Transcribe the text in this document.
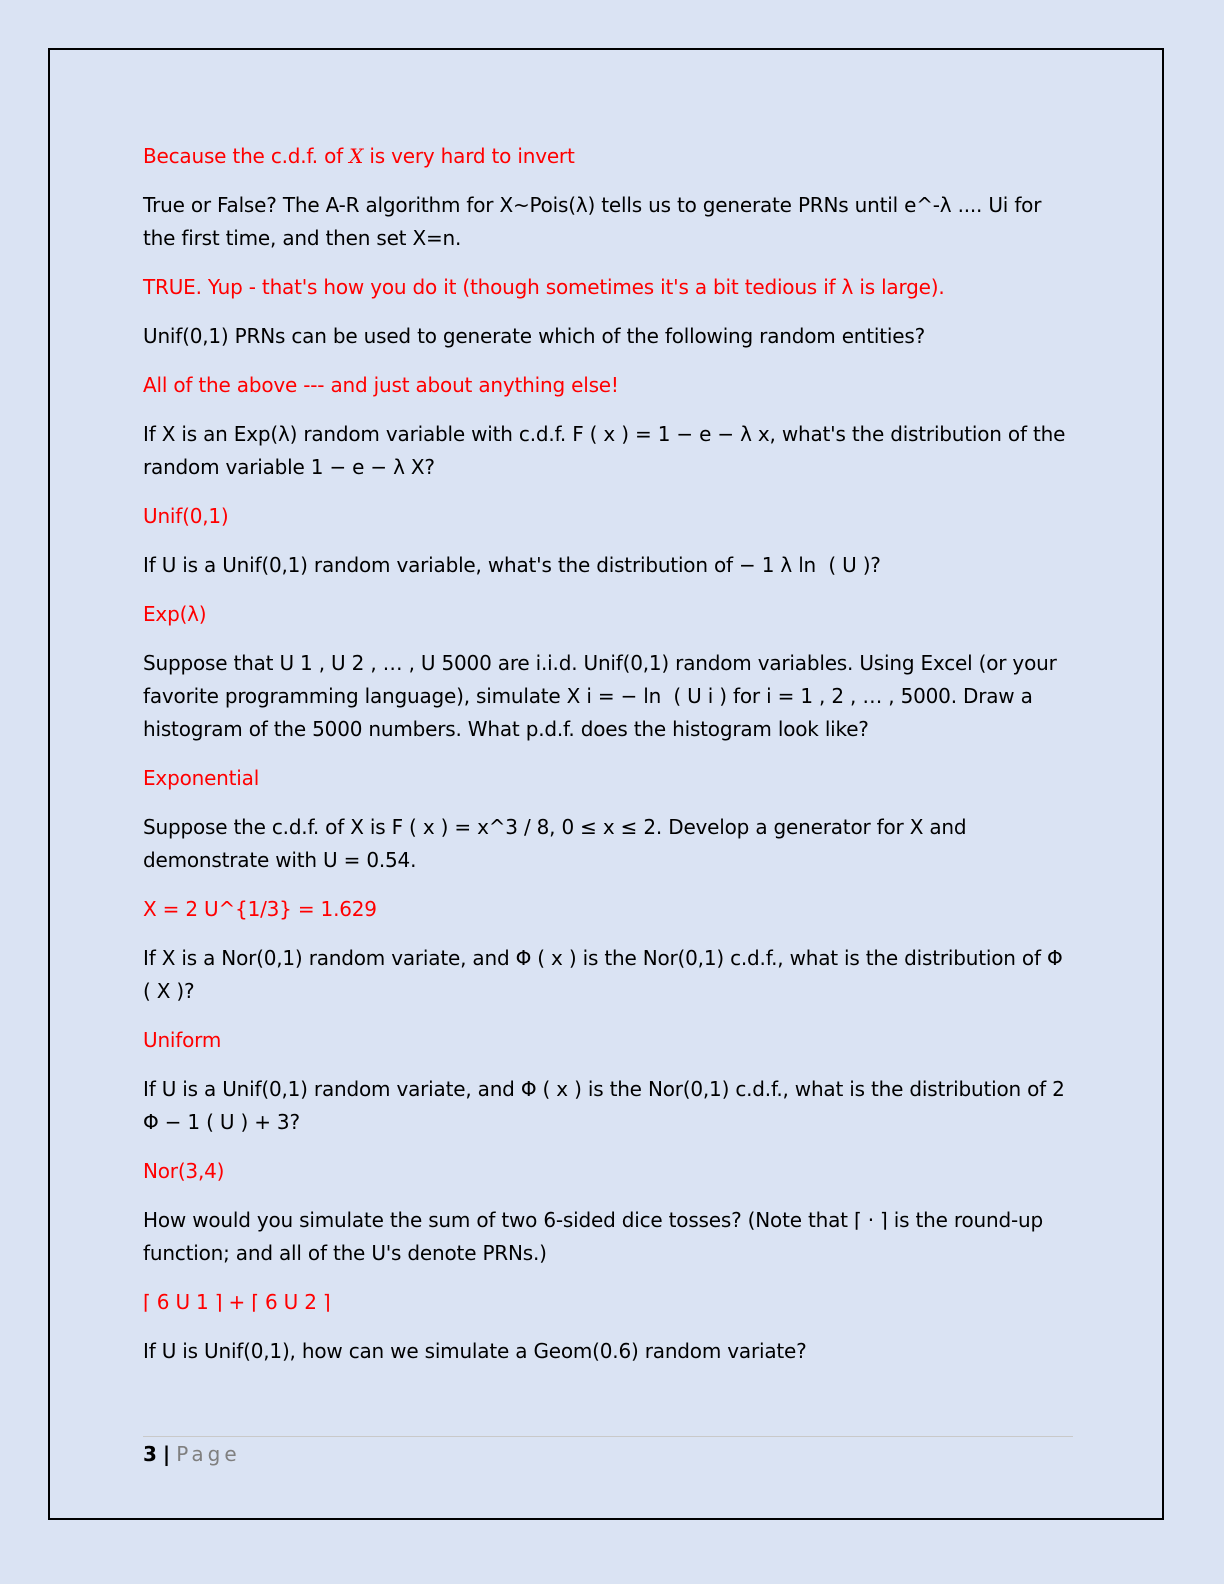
Because the c.d.f. of X is very hard to invert

True or False? The A-R algorithm for X~Pois(λ) tells us to generate PRNs until e^-λ .... Ui for the first time, and then set X=n.

TRUE. Yup - that's how you do it (though sometimes it's a bit tedious if λ is large).

Unif(0,1) PRNs can be used to generate which of the following random entities?

All of the above --- and just about anything else!

If X is an Exp(λ) random variable with c.d.f. F ( x ) = 1 − e − λ x, what's the distribution of the random variable 1 − e − λ X?

Unif(0,1)

If U is a Unif(0,1) random variable, what's the distribution of − 1 λ ln ⁡ ( U )?

Exp(λ)

Suppose that U 1 , U 2 , … , U 5000 are i.i.d. Unif(0,1) random variables. Using Excel (or your favorite programming language), simulate X i = − ln ⁡ ( U i ) for i = 1 , 2 , … , 5000. Draw a histogram of the 5000 numbers. What p.d.f. does the histogram look like?

Exponential

Suppose the c.d.f. of X is F ( x ) = x^3 / 8, 0 ≤ x ≤ 2. Develop a generator for X and demonstrate with U = 0.54.

X = 2 U^{1/3} = 1.629

If X is a Nor(0,1) random variate, and Φ ( x ) is the Nor(0,1) c.d.f., what is the distribution of Φ ( X )?

Uniform

If U is a Unif(0,1) random variate, and Φ ( x ) is the Nor(0,1) c.d.f., what is the distribution of 2 Φ − 1 ( U ) + 3?

Nor(3,4)

How would you simulate the sum of two 6-sided dice tosses? (Note that ⌈ · ⌉ is the round-up function; and all of the U's denote PRNs.)

⌈ 6 U 1 ⌉ + ⌈ 6 U 2 ⌉

If U is Unif(0,1), how can we simulate a Geom(0.6) random variate?

3 | Page
